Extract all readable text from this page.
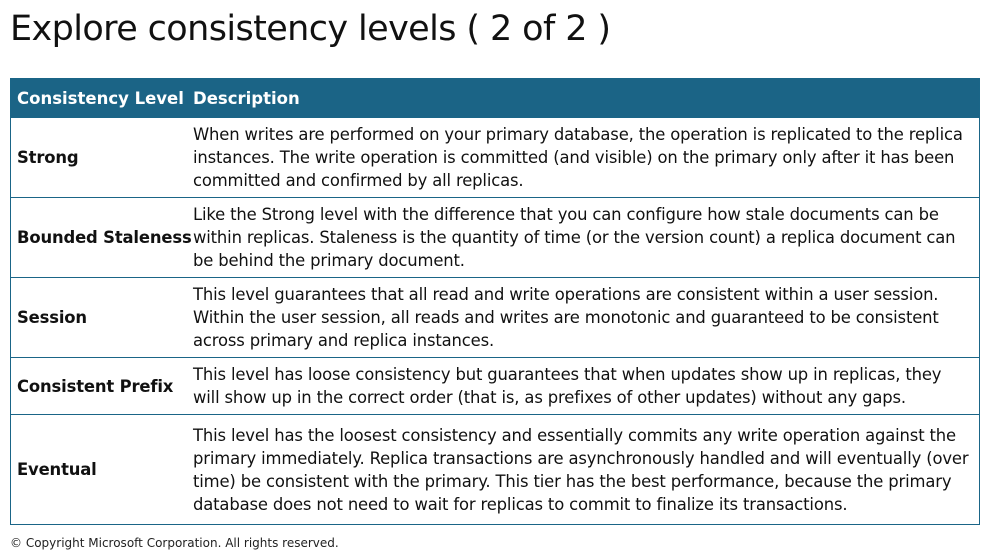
Explore consistency levels ( 2 of 2 )
Consistency Level	Description
Strong	When writes are performed on your primary database, the operation is replicated to the replica instances. The write operation is committed (and visible) on the primary only after it has been committed and confirmed by all replicas.
Bounded Staleness	Like the Strong level with the difference that you can configure how stale documents can be within replicas. Staleness is the quantity of time (or the version count) a replica document can be behind the primary document.
Session	This level guarantees that all read and write operations are consistent within a user session. Within the user session, all reads and writes are monotonic and guaranteed to be consistent across primary and replica instances.
Consistent Prefix	This level has loose consistency but guarantees that when updates show up in replicas, they will show up in the correct order (that is, as prefixes of other updates) without any gaps.
Eventual	This level has the loosest consistency and essentially commits any write operation against the primary immediately. Replica transactions are asynchronously handled and will eventually (over time) be consistent with the primary. This tier has the best performance, because the primary database does not need to wait for replicas to commit to finalize its transactions.
© Copyright Microsoft Corporation. All rights reserved.
